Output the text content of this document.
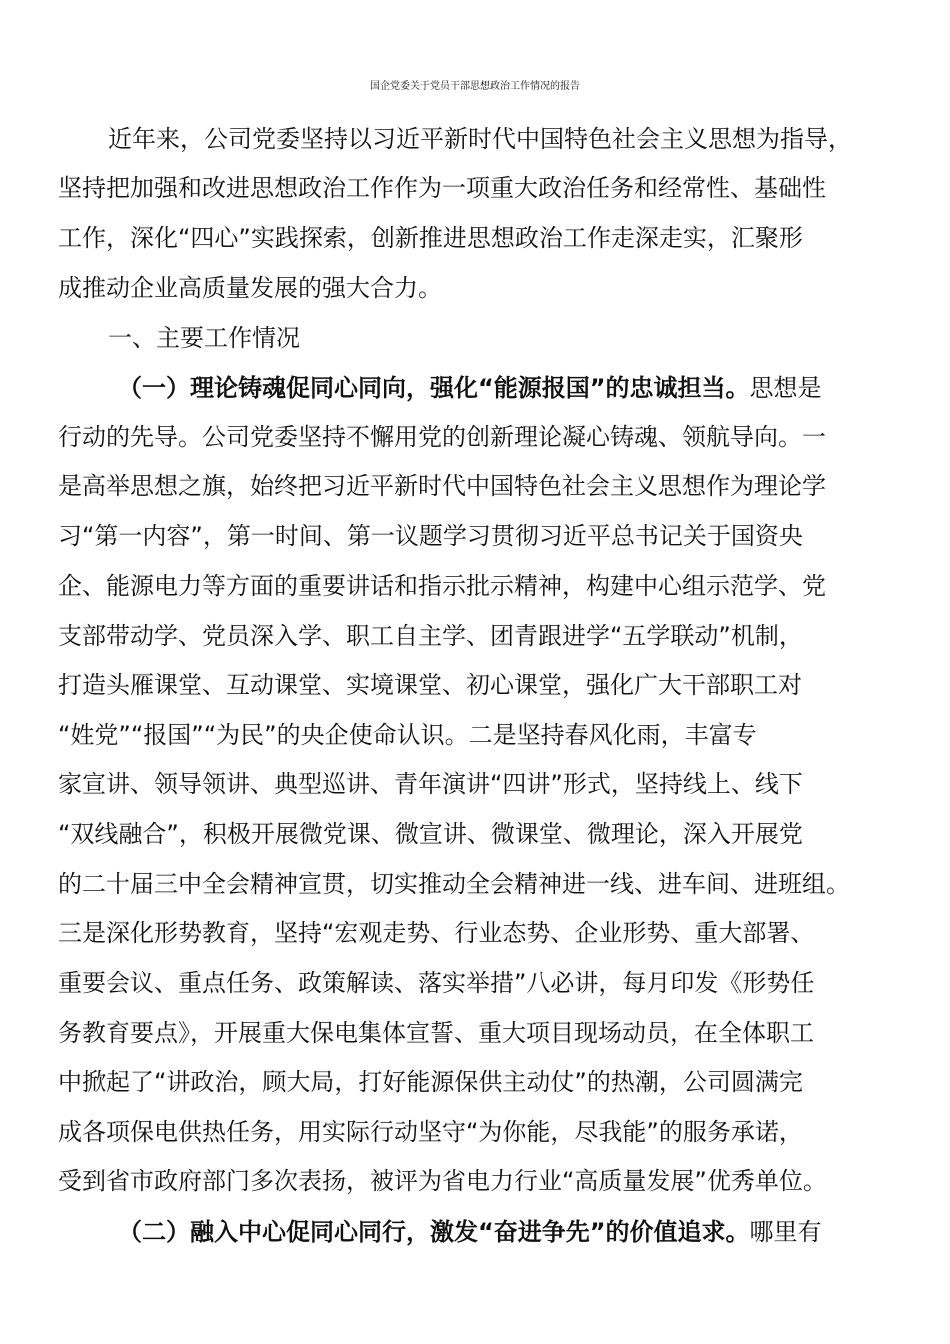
国企党委关于党员干部思想政治工作情况的报告
近年来，公司党委坚持以习近平新时代中国特色社会主义思想为指导，
坚持把加强和改进思想政治工作作为一项重大政治任务和经常性、基础性
工作，深化“四心”实践探索，创新推进思想政治工作走深走实，汇聚形
成推动企业高质量发展的强大合力。
一、主要工作情况
（一）理论铸魂促同心同向，强化“能源报国”的忠诚担当。思想是
行动的先导。公司党委坚持不懈用党的创新理论凝心铸魂、领航导向。一
是高举思想之旗，始终把习近平新时代中国特色社会主义思想作为理论学
习“第一内容”，第一时间、第一议题学习贯彻习近平总书记关于国资央
企、能源电力等方面的重要讲话和指示批示精神，构建中心组示范学、党
支部带动学、党员深入学、职工自主学、团青跟进学“五学联动”机制，
打造头雁课堂、互动课堂、实境课堂、初心课堂，强化广大干部职工对
“姓党”“报国”“为民”的央企使命认识。二是坚持春风化雨，丰富专
家宣讲、领导领讲、典型巡讲、青年演讲“四讲”形式，坚持线上、线下
“双线融合”，积极开展微党课、微宣讲、微课堂、微理论，深入开展党
的二十届三中全会精神宣贯，切实推动全会精神进一线、进车间、进班组。
三是深化形势教育，坚持“宏观走势、行业态势、企业形势、重大部署、
重要会议、重点任务、政策解读、落实举措”八必讲，每月印发《形势任
务教育要点》，开展重大保电集体宣誓、重大项目现场动员，在全体职工
中掀起了“讲政治，顾大局，打好能源保供主动仗”的热潮，公司圆满完
成各项保电供热任务，用实际行动坚守“为你能，尽我能”的服务承诺，
受到省市政府部门多次表扬，被评为省电力行业“高质量发展”优秀单位。
（二）融入中心促同心同行，激发“奋进争先”的价值追求。哪里有
